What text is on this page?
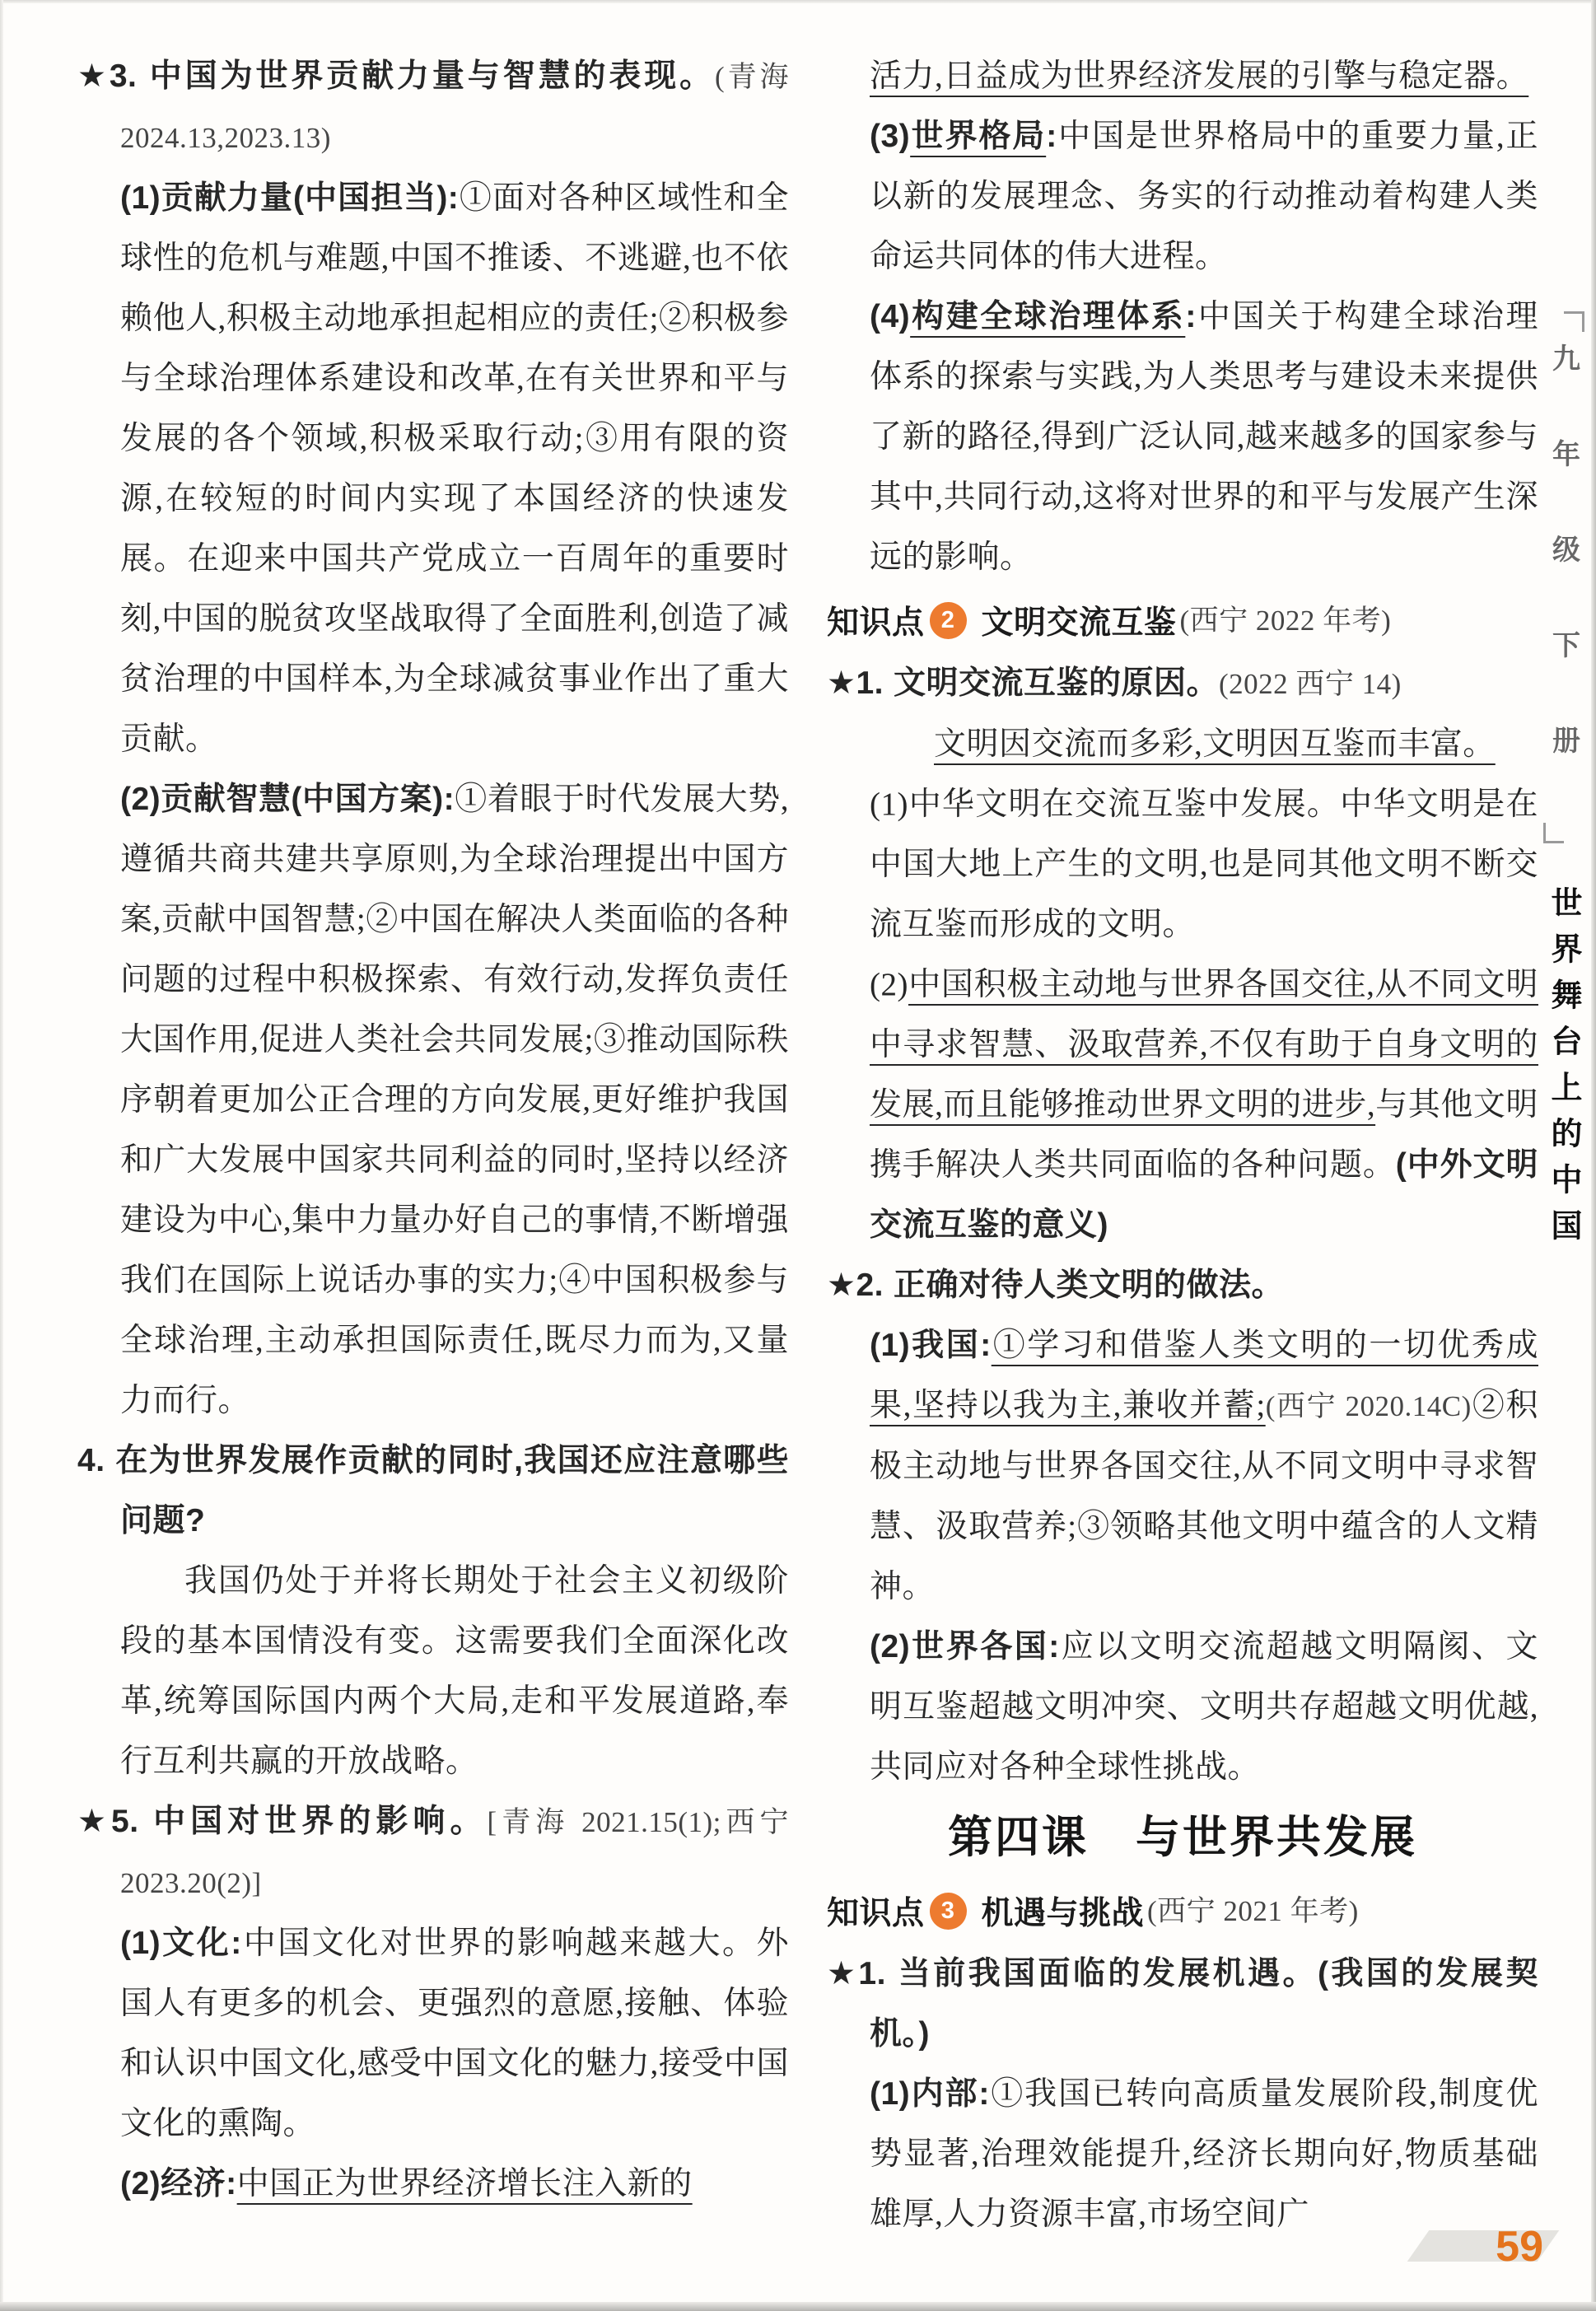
★3. 中国为世界贡献力量与智慧的表现。(青海 2024.13,2023.13)
(1)贡献力量(中国担当):①面对各种区域性和全球性的危机与难题,中国不推诿、不逃避,也不依赖他人,积极主动地承担起相应的责任;②积极参与全球治理体系建设和改革,在有关世界和平与发展的各个领域,积极采取行动;③用有限的资源,在较短的时间内实现了本国经济的快速发展。在迎来中国共产党成立一百周年的重要时刻,中国的脱贫攻坚战取得了全面胜利,创造了减贫治理的中国样本,为全球减贫事业作出了重大贡献。
(2)贡献智慧(中国方案):①着眼于时代发展大势,遵循共商共建共享原则,为全球治理提出中国方案,贡献中国智慧;②中国在解决人类面临的各种问题的过程中积极探索、有效行动,发挥负责任大国作用,促进人类社会共同发展;③推动国际秩序朝着更加公正合理的方向发展,更好维护我国和广大发展中国家共同利益的同时,坚持以经济建设为中心,集中力量办好自己的事情,不断增强我们在国际上说话办事的实力;④中国积极参与全球治理,主动承担国际责任,既尽力而为,又量力而行。
4. 在为世界发展作贡献的同时,我国还应注意哪些问题?
我国仍处于并将长期处于社会主义初级阶段的基本国情没有变。这需要我们全面深化改革,统筹国际国内两个大局,走和平发展道路,奉行互利共赢的开放战略。
★5. 中国对世界的影响。[青海 2021.15(1);西宁 2023.20(2)]
(1)文化:中国文化对世界的影响越来越大。外国人有更多的机会、更强烈的意愿,接触、体验和认识中国文化,感受中国文化的魅力,接受中国文化的熏陶。
(2)经济:中国正为世界经济增长注入新的
活力,日益成为世界经济发展的引擎与稳定器。
(3)世界格局:中国是世界格局中的重要力量,正以新的发展理念、务实的行动推动着构建人类命运共同体的伟大进程。
(4)构建全球治理体系:中国关于构建全球治理体系的探索与实践,为人类思考与建设未来提供了新的路径,得到广泛认同,越来越多的国家参与其中,共同行动,这将对世界的和平与发展产生深远的影响。
知识点 2 文明交流互鉴 (西宁 2022 年考)
★1. 文明交流互鉴的原因。(2022 西宁 14)
文明因交流而多彩,文明因互鉴而丰富。
(1)中华文明在交流互鉴中发展。中华文明是在中国大地上产生的文明,也是同其他文明不断交流互鉴而形成的文明。
(2)中国积极主动地与世界各国交往,从不同文明中寻求智慧、汲取营养,不仅有助于自身文明的发展,而且能够推动世界文明的进步,与其他文明携手解决人类共同面临的各种问题。(中外文明交流互鉴的意义)
★2. 正确对待人类文明的做法。
(1)我国:①学习和借鉴人类文明的一切优秀成果,坚持以我为主,兼收并蓄;(西宁 2020.14C)②积极主动地与世界各国交往,从不同文明中寻求智慧、汲取营养;③领略其他文明中蕴含的人文精神。
(2)世界各国:应以文明交流超越文明隔阂、文明互鉴超越文明冲突、文明共存超越文明优越,共同应对各种全球性挑战。
第四课　与世界共发展
知识点 3 机遇与挑战 (西宁 2021 年考)
★1. 当前我国面临的发展机遇。(我国的发展契机。)
(1)内部:①我国已转向高质量发展阶段,制度优势显著,治理效能提升,经济长期向好,物质基础雄厚,人力资源丰富,市场空间广
九年级下册
世界舞台上的中国
59
